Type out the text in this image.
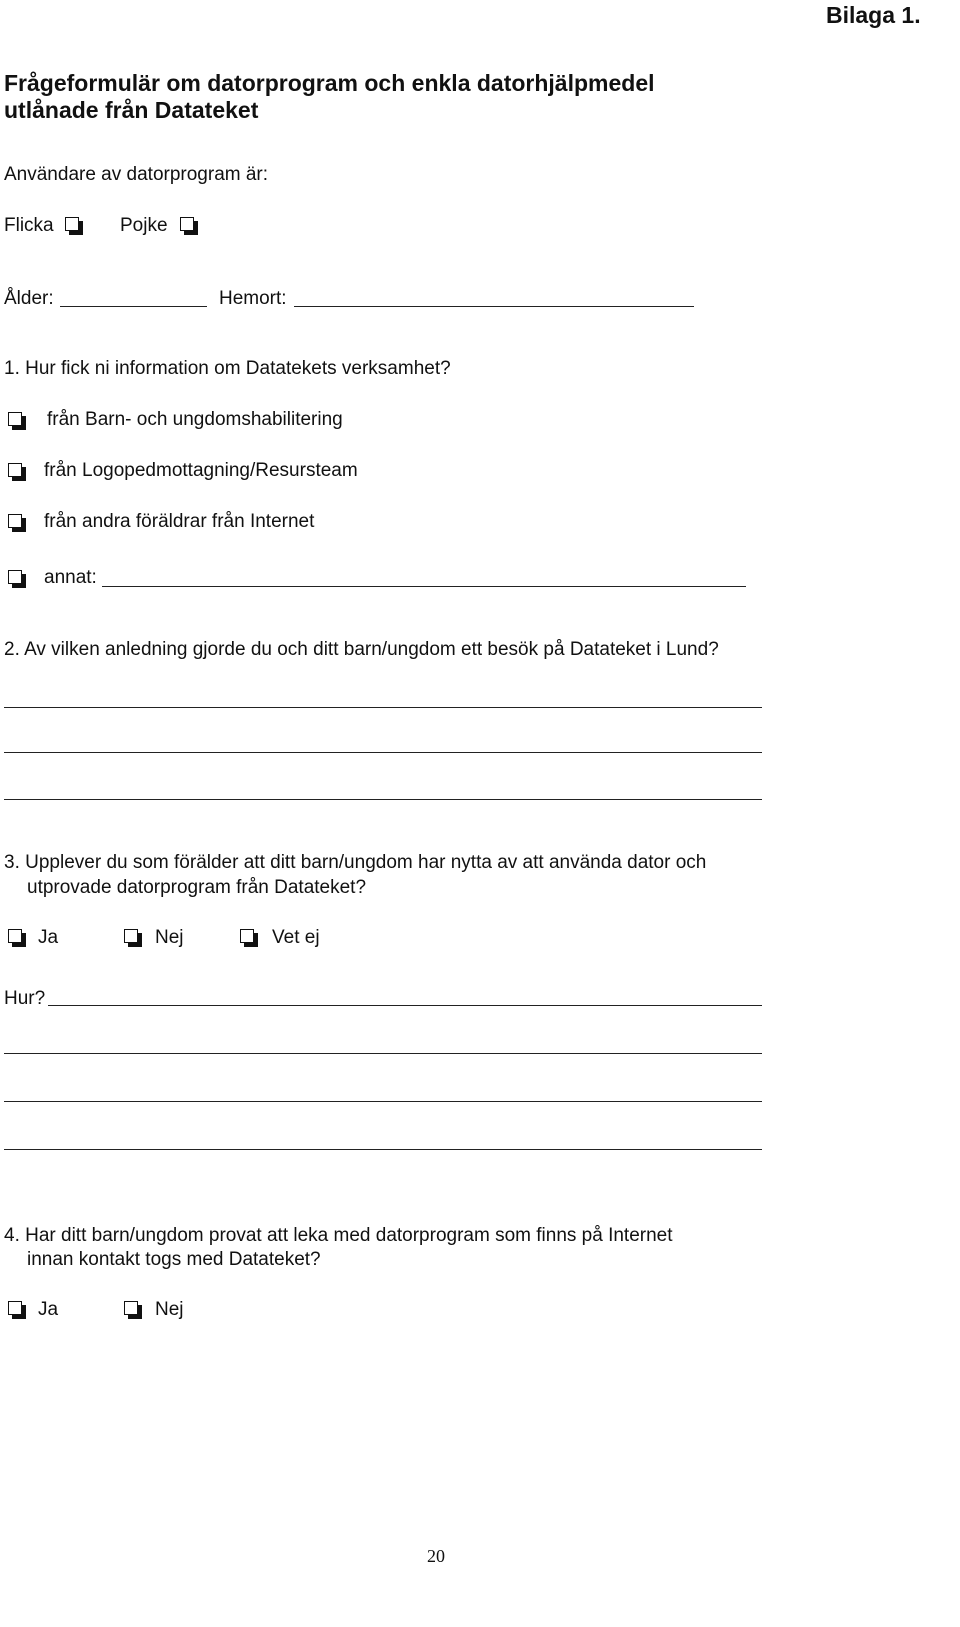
Bilaga 1.
Frågeformulär om datorprogram och enkla datorhjälpmedel
utlånade från Datateket
Användare av datorprogram är:
Flicka	Pojke
Ålder:	Hemort:
1. Hur fick ni information om Datatekets verksamhet?
från Barn- och ungdomshabilitering
från Logopedmottagning/Resursteam
från andra föräldrar från Internet
annat:
2. Av vilken anledning gjorde du och ditt barn/ungdom ett besök på Datateket i Lund?
3. Upplever du som förälder att ditt barn/ungdom har nytta av att använda dator och
utprovade datorprogram från Datateket?
Ja	Nej	Vet ej
Hur?
4. Har ditt barn/ungdom provat att leka med datorprogram som finns på Internet
innan kontakt togs med Datateket?
Ja	Nej
20
